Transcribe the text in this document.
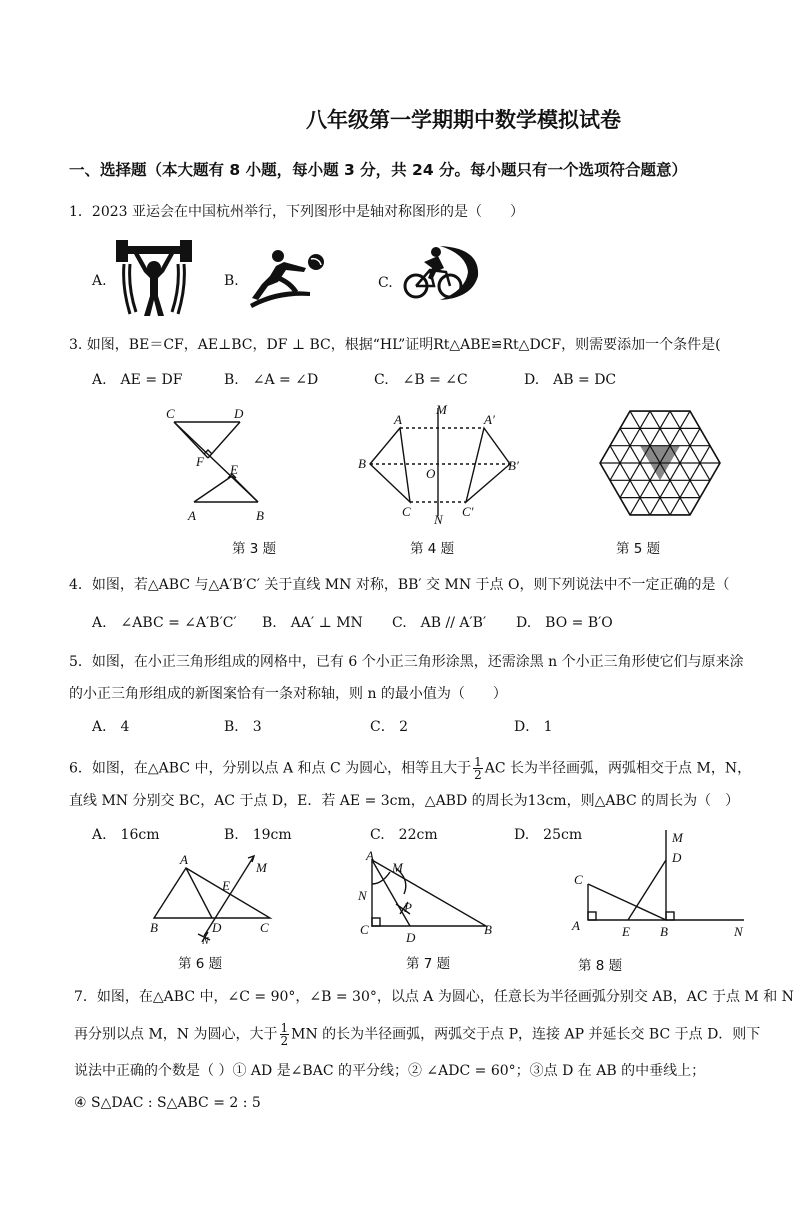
八年级第一学期期中数学模拟试卷
一、选择题（本大题有 8 小题，每小题 3 分，共 24 分。每小题只有一个选项符合题意）
1．2023 亚运会在中国杭州举行，下列图形中是轴对称图形的是（　　）
A.	B.	C.
3. 如图，BE＝CF，AE⊥BC，DF ⊥ BC，根据“HL”证明Rt△ABE≌Rt△DCF，则需要添加一个条件是(
A.　AE = DF	B.　∠A = ∠D	C.　∠B = ∠C	D.　AB = DC
C	D
F
E
A	B
第 3 题
A
M
A′
B
O
B′
C
N
C′
第 4 题	第 5 题
4．如图，若△ABC 与△A′B′C′ 关于直线 MN 对称，BB′ 交 MN 于点 O，则下列说法中不一定正确的是（
A.　∠ABC = ∠A′B′C′ B.　AA′ ⊥ MN C.　AB // A′B′ D.　BO = B′O
5．如图，在小正三角形组成的网格中，已有 6 个小正三角形涂黑，还需涂黑 n 个小正三角形使它们与原来涂
的小正三角形组成的新图案恰有一条对称轴，则 n 的最小值为（　　）
A． 4	B． 3	C． 2	D． 1
6．如图，在△ABC 中，分别以点 A 和点 C 为圆心，相等且大于 $\frac{1}{2}$ AC 长为半径画弧，两弧相交于点 M，N，
直线 MN 分别交 BC，AC 于点 D，E．若 AE = 3cm，△ABD 的周长为13cm，则△ABC 的周长为（　）
A.　16cm	B.　19cm	C.　22cm	D.　25cm
A
M
E
B	D	C
N
第 6 题
A
M
N
P
C
D
B
第 7 题
M
D
C
A	E B	N
第 8 题
7．如图，在△ABC 中，∠C = 90°，∠B = 30°，以点 A 为圆心，任意长为半径画弧分别交 AB，AC 于点 M 和 N
再分别以点 M，N 为圆心，大于 $\frac{1}{2}$ MN 的长为半径画弧，两弧交于点 P，连接 AP 并延长交 BC 于点 D．则下
说法中正确的个数是（ ）① AD 是∠BAC 的平分线；② ∠ADC = 60°；③点 D 在 AB 的中垂线上；
④ S△DAC : S△ABC = 2 : 5
